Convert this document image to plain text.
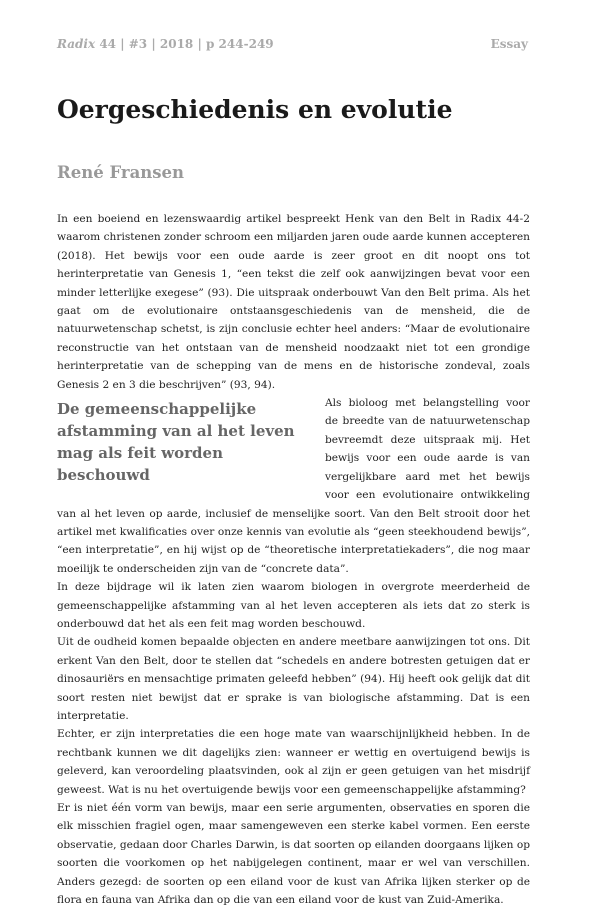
Radix 44 | #3 | 2018 | p 244-249	Essay
Oergeschiedenis en evolutie
René Fransen

In een boeiend en lezenswaardig artikel bespreekt Henk van den Belt in Radix 44-2 waarom christenen zonder schroom een miljarden jaren oude aarde kunnen accepteren (2018). Het bewijs voor een oude aarde is zeer groot en dit noopt ons tot herinterpretatie van Genesis 1, “een tekst die zelf ook aanwijzingen bevat voor een minder letterlijke exegese” (93). Die uitspraak onderbouwt Van den Belt prima. Als het gaat om de evolutionaire ontstaansgeschiedenis van de mensheid, die de natuurwetenschap schetst, is zijn conclusie echter heel anders: “Maar de evolutionaire reconstructie van het ontstaan van de mensheid noodzaakt niet tot een grondige herinterpretatie van de schepping van de mens en de historische zondeval, zoals Genesis 2 en 3 die beschrijven” (93, 94).

De gemeenschappelijke afstamming van al het leven mag als feit worden beschouwd

Als bioloog met belangstelling voor de breedte van de natuurwetenschap bevreemdt deze uitspraak mij. Het bewijs voor een oude aarde is van vergelijkbare aard met het bewijs voor een evolutionaire ontwikkeling van al het leven op aarde, inclusief de menselijke soort. Van den Belt strooit door het artikel met kwalificaties over onze kennis van evolutie als “geen steekhoudend bewijs”, “een interpretatie”, en hij wijst op de “theoretische interpretatiekaders”, die nog maar moeilijk te onderscheiden zijn van de “concrete data”.

In deze bijdrage wil ik laten zien waarom biologen in overgrote meerderheid de gemeenschappelijke afstamming van al het leven accepteren als iets dat zo sterk is onderbouwd dat het als een feit mag worden beschouwd.

Uit de oudheid komen bepaalde objecten en andere meetbare aanwijzingen tot ons. Dit erkent Van den Belt, door te stellen dat “schedels en andere botresten getuigen dat er dinosauriërs en mensachtige primaten geleefd hebben” (94). Hij heeft ook gelijk dat dit soort resten niet bewijst dat er sprake is van biologische afstamming. Dat is een interpretatie.

Echter, er zijn interpretaties die een hoge mate van waarschijnlijkheid hebben. In de rechtbank kunnen we dit dagelijks zien: wanneer er wettig en overtuigend bewijs is geleverd, kan veroordeling plaatsvinden, ook al zijn er geen getuigen van het misdrijf geweest. Wat is nu het overtuigende bewijs voor een gemeenschappelijke afstamming?

Er is niet één vorm van bewijs, maar een serie argumenten, observaties en sporen die elk misschien fragiel ogen, maar samengeweven een sterke kabel vormen. Een eerste observatie, gedaan door Charles Darwin, is dat soorten op eilanden doorgaans lijken op soorten die voorkomen op het nabijgelegen continent, maar er wel van verschillen. Anders gezegd: de soorten op een eiland voor de kust van Afrika lijken sterker op de flora en fauna van Afrika dan op die van een eiland voor de kust van Zuid-Amerika.
